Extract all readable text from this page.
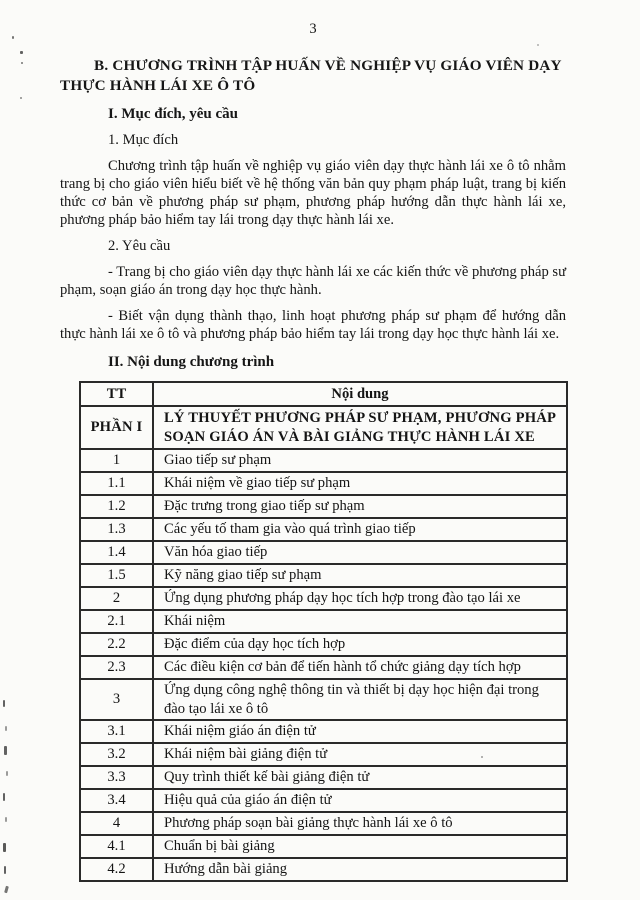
3

B. CHƯƠNG TRÌNH TẬP HUẤN VỀ NGHIỆP VỤ GIÁO VIÊN DẠY THỰC HÀNH LÁI XE Ô TÔ

I. Mục đích, yêu cầu

1. Mục đích

Chương trình tập huấn về nghiệp vụ giáo viên dạy thực hành lái xe ô tô nhằm trang bị cho giáo viên hiểu biết về hệ thống văn bản quy phạm pháp luật, trang bị kiến thức cơ bản về phương pháp sư phạm, phương pháp hướng dẫn thực hành lái xe, phương pháp bảo hiểm tay lái trong dạy thực hành lái xe.

2. Yêu cầu

- Trang bị cho giáo viên dạy thực hành lái xe các kiến thức về phương pháp sư phạm, soạn giáo án trong dạy học thực hành.

- Biết vận dụng thành thạo, linh hoạt phương pháp sư phạm để hướng dẫn thực hành lái xe ô tô và phương pháp bảo hiểm tay lái trong dạy học thực hành lái xe.

II. Nội dung chương trình

TT	Nội dung
PHẦN I	LÝ THUYẾT PHƯƠNG PHÁP SƯ PHẠM, PHƯƠNG PHÁP SOẠN GIÁO ÁN VÀ BÀI GIẢNG THỰC HÀNH LÁI XE
1	Giao tiếp sư phạm
1.1	Khái niệm về giao tiếp sư phạm
1.2	Đặc trưng trong giao tiếp sư phạm
1.3	Các yếu tố tham gia vào quá trình giao tiếp
1.4	Văn hóa giao tiếp
1.5	Kỹ năng giao tiếp sư phạm
2	Ứng dụng phương pháp dạy học tích hợp trong đào tạo lái xe
2.1	Khái niệm
2.2	Đặc điểm của dạy học tích hợp
2.3	Các điều kiện cơ bản để tiến hành tổ chức giảng dạy tích hợp
3	Ứng dụng công nghệ thông tin và thiết bị dạy học hiện đại trong đào tạo lái xe ô tô
3.1	Khái niệm giáo án điện tử
3.2	Khái niệm bài giảng điện tử
3.3	Quy trình thiết kế bài giảng điện tử
3.4	Hiệu quả của giáo án điện tử
4	Phương pháp soạn bài giảng thực hành lái xe ô tô
4.1	Chuẩn bị bài giảng
4.2	Hướng dẫn bài giảng
